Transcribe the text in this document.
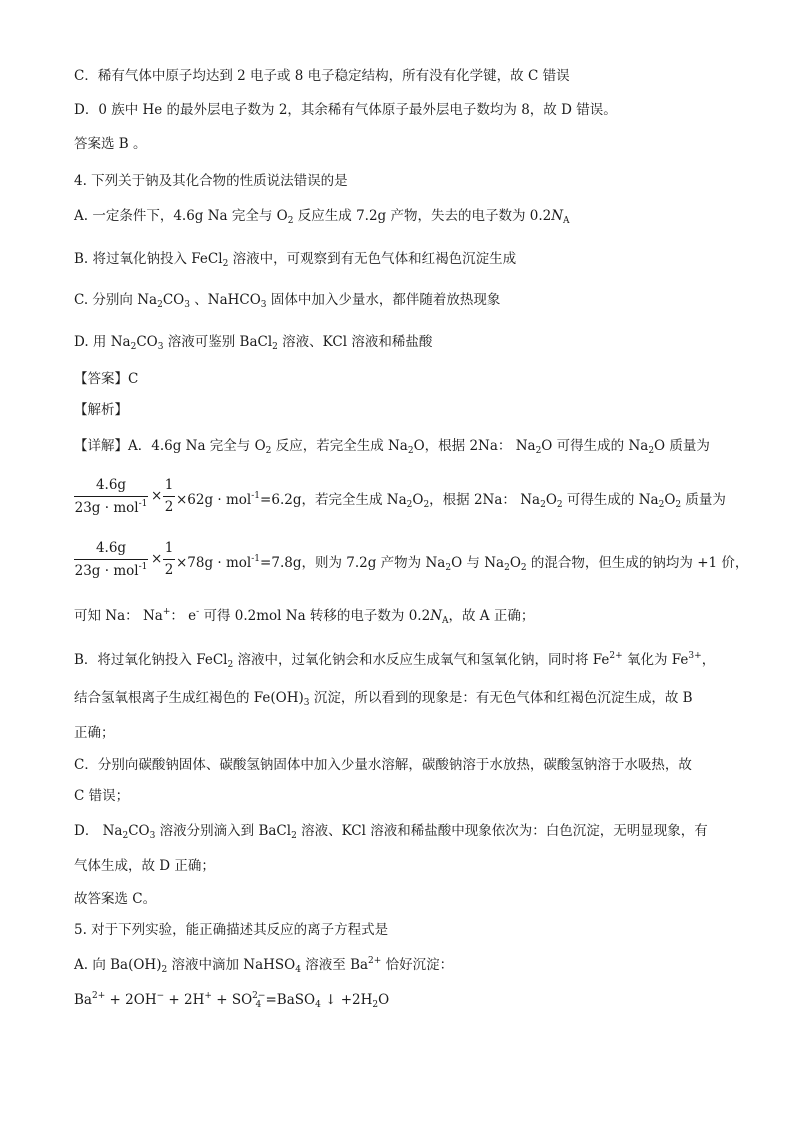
C．稀有气体中原子均达到 2 电子或 8 电子稳定结构，所有没有化学键，故 C 错误
D．0 族中 He 的最外层电子数为 2，其余稀有气体原子最外层电子数均为 8，故 D 错误。
答案选 B 。
4. 下列关于钠及其化合物的性质说法错误的是
A. 一定条件下，4.6g Na 完全与 $O_2$ 反应生成 7.2g 产物，失去的电子数为 $0.2N_A$
B. 将过氧化钠投入 FeCl$_2$ 溶液中，可观察到有无色气体和红褐色沉淀生成
C. 分别向 $Na_2CO_3$ 、NaHCO$_3$ 固体中加入少量水，都伴随着放热现象
D. 用 $Na_2CO_3$ 溶液可鉴别 BaCl$_2$ 溶液、KCl 溶液和稀盐酸
【答案】C
【解析】
【详解】A．4.6g Na 完全与 $O_2$ 反应，若完全生成 $Na_2O$，根据 2Na： $Na_2O$ 可得生成的 $Na_2O$ 质量为
4.6g
23g · mol$^{-1}$ ×
1
2 ×62g · mol$^{-1}$=6.2g，若完全生成 $Na_2O_2$，根据 2Na： $Na_2O_2$ 可得生成的 $Na_2O_2$ 质量为
4.6g
23g · mol$^{-1}$ ×
1
2 ×78g · mol$^{-1}$=7.8g，则为 7.2g 产物为 $Na_2O$ 与 $Na_2O_2$ 的混合物，但生成的钠均为 +1 价，
可知 Na： Na+： e- 可得 0.2mol Na 转移的电子数为 $0.2N_A$，故 A 正确；
B．将过氧化钠投入 FeCl$_2$ 溶液中，过氧化钠会和水反应生成氧气和氢氧化钠，同时将 $Fe^{2+}$ 氧化为 $Fe^{3+}$，
结合氢氧根离子生成红褐色的 $Fe(OH)_3$ 沉淀，所以看到的现象是：有无色气体和红褐色沉淀生成，故 B
正确；
C．分别向碳酸钠固体、碳酸氢钠固体中加入少量水溶解，碳酸钠溶于水放热，碳酸氢钠溶于水吸热，故
C 错误；
D． $Na_2CO_3$ 溶液分别滴入到 BaCl$_2$ 溶液、KCl 溶液和稀盐酸中现象依次为：白色沉淀，无明显现象，有
气体生成，故 D 正确；
故答案选 C。
5. 对于下列实验，能正确描述其反应的离子方程式是
A. 向 $Ba(OH)_2$ 溶液中滴加 NaHSO$_4$ 溶液至 $Ba^{2+}$ 恰好沉淀：
$Ba^{2+} + 2OH^- + 2H^+ + SO^{2-}_4$ =BaSO$_4$ ↓ $+2H_2O$
